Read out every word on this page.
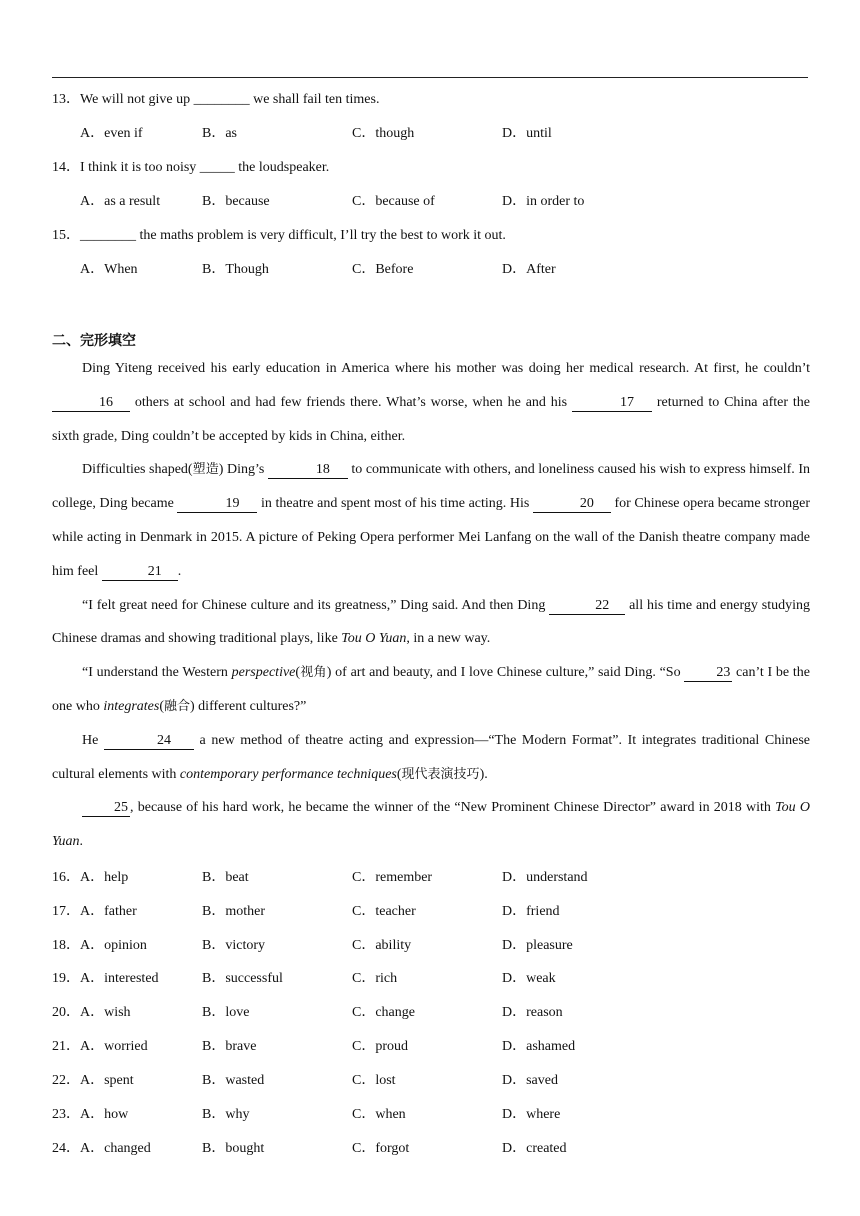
13．We will not give up ________ we shall fail ten times.
A．even if	B．as	C．though	D．until
14．I think it is too noisy _____ the loudspeaker.
A．as a result	B．because	C．because of	D．in order to
15．________ the maths problem is very difficult, I’ll try the best to work it out.
A．When	B．Though	C．Before	D．After
二、完形填空

Ding Yiteng received his early education in America where his mother was doing her medical research. At first, he couldn’t 16 others at school and had few friends there. What’s worse, when he and his	17 returned to China after the sixth grade, Ding couldn’t be accepted by kids in China, either.

Difficulties shaped(塑造) Ding’s	18 to communicate with others, and loneliness caused his wish to express himself. In college, Ding became	19 in theatre and spent most of his time acting. His	20 for Chinese opera became stronger while acting in Denmark in 2015. A picture of Peking Opera performer Mei Lanfang on the wall of the Danish theatre company made him feel	21 .

“I felt great need for Chinese culture and its greatness,” Ding said. And then Ding	22 all his time and energy studying Chinese dramas and showing traditional plays, like Tou O Yuan, in a new way.

“I understand the Western perspective(视角) of art and beauty, and I love Chinese culture,” said Ding. “So 23 can’t I be the one who integrates(融合) different cultures?”

He	24 a new method of theatre acting and expression—“The Modern Format”. It integrates traditional Chinese cultural elements with contemporary performance techniques(现代表演技巧).

25 , because of his hard work, he became the winner of the “New Prominent Chinese Director” award in 2018 with Tou O Yuan.

16． A．help	B．beat	C．remember	D．understand
17． A．father	B．mother	C．teacher	D．friend
18． A．opinion	B．victory	C．ability	D．pleasure
19． A．interested	B．successful	C．rich	D．weak
20． A．wish	B．love	C．change	D．reason
21． A．worried	B．brave	C．proud	D．ashamed
22． A．spent	B．wasted	C．lost	D．saved
23． A．how	B．why	C．when	D．where
24． A．changed	B．bought	C．forgot	D．created
